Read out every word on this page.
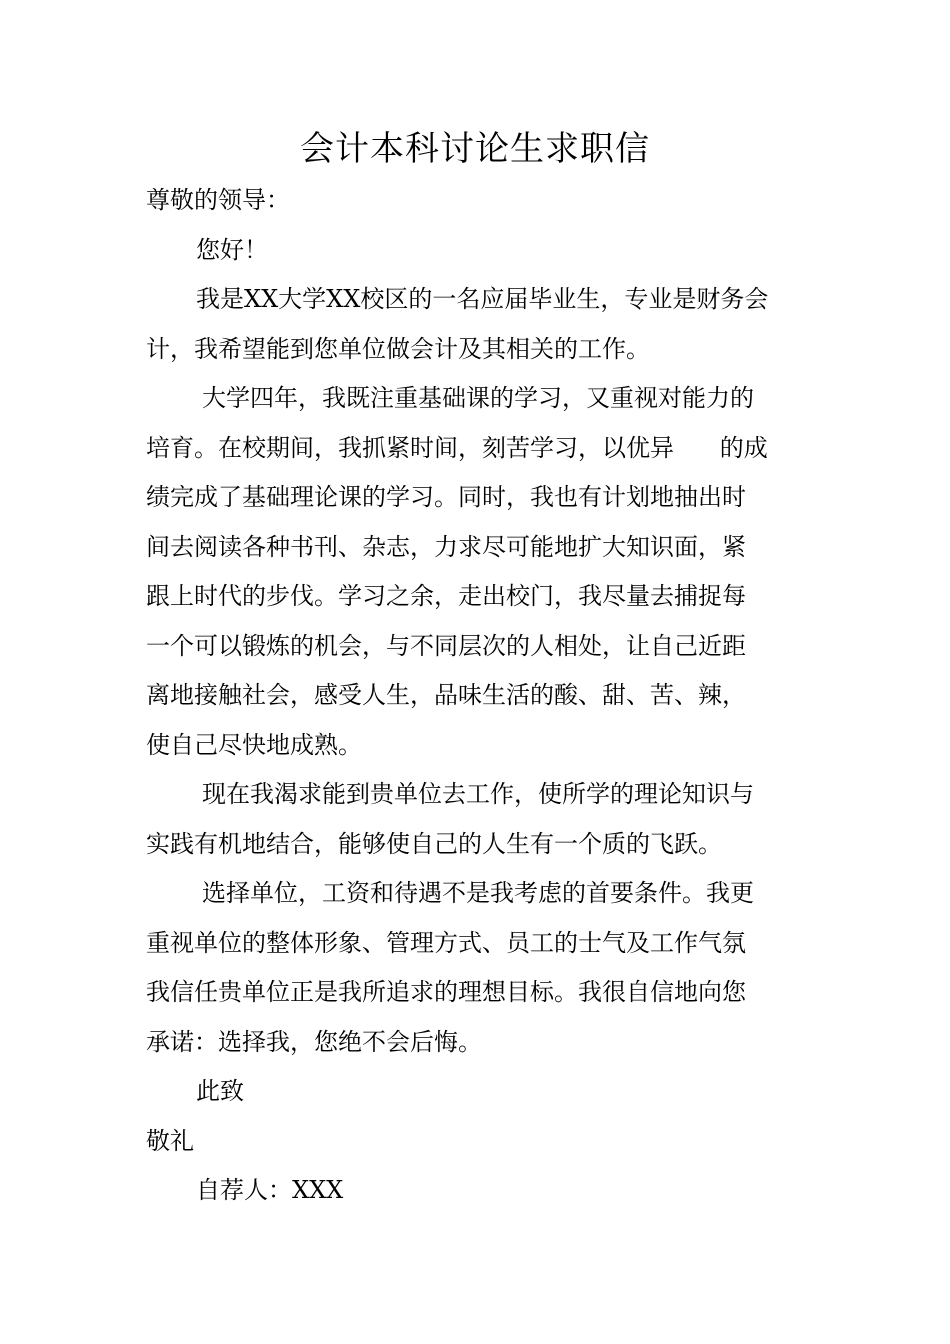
会计本科讨论生求职信
尊敬的领导：
您好！
我是XX大学XX校区的一名应届毕业生，专业是财务会
计，我希望能到您单位做会计及其相关的工作。
大学四年，我既注重基础课的学习，又重视对能力的
培育。在校期间，我抓紧时间，刻苦学习，以优异      的成
绩完成了基础理论课的学习。同时，我也有计划地抽出时
间去阅读各种书刊、杂志，力求尽可能地扩大知识面，紧
跟上时代的步伐。学习之余，走出校门，我尽量去捕捉每
一个可以锻炼的机会，与不同层次的人相处，让自己近距
离地接触社会，感受人生，品味生活的酸、甜、苦、辣，
使自己尽快地成熟。
现在我渴求能到贵单位去工作，使所学的理论知识与
实践有机地结合，能够使自己的人生有一个质的飞跃。
选择单位，工资和待遇不是我考虑的首要条件。我更
重视单位的整体形象、管理方式、员工的士气及工作气氛
我信任贵单位正是我所追求的理想目标。我很自信地向您
承诺：选择我，您绝不会后悔。
此致
敬礼
自荐人：XXX
